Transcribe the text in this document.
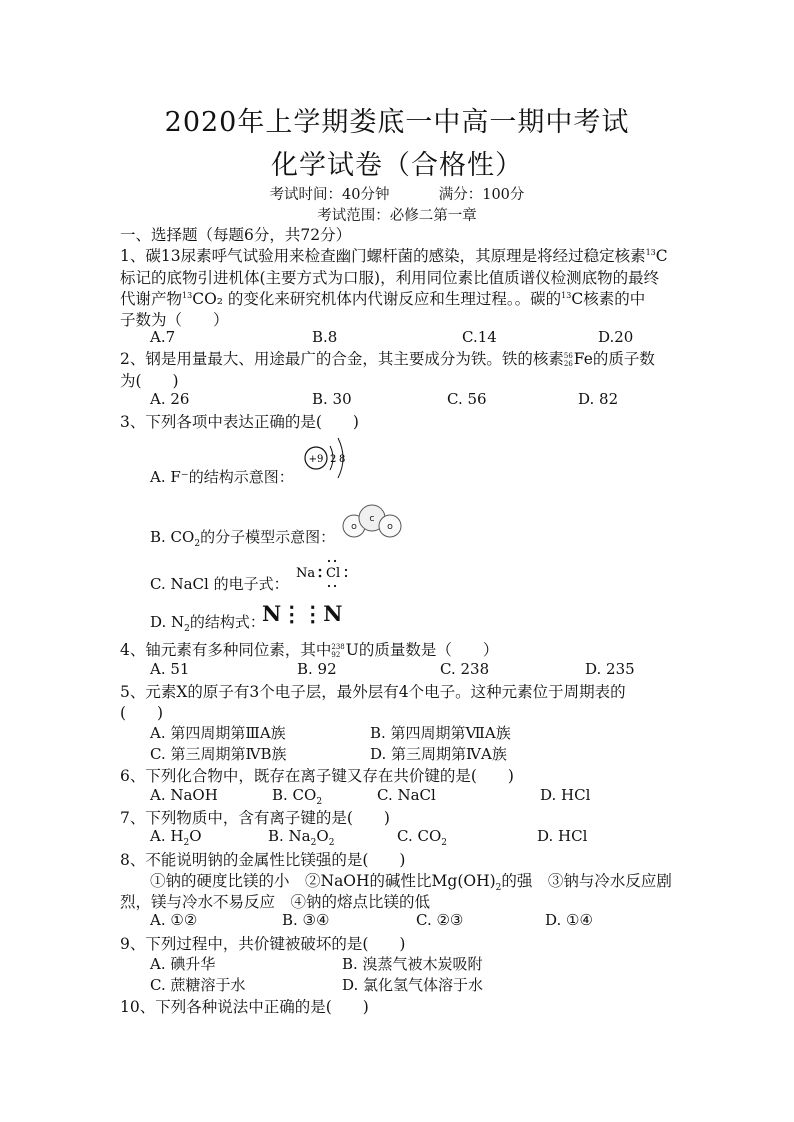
2020年上学期娄底一中高一期中考试
化学试卷（合格性）
考试时间：40分钟	满分：100分
考试范围：必修二第一章
一、选择题（每题6分，共72分）
1、碳13尿素呼气试验用来检查幽门螺杆菌的感染，其原理是将经过稳定核素$^{13}$C
标记的底物引进机体(主要方式为口服)，利用同位素比值质谱仪检测底物的最终
代谢产物$^{13}$CO₂ 的变化来研究机体内代谢反应和生理过程。。碳的$^{13}$C核素的中
子数为（　　）
A.7	B.8	C.14	D.20
2、钢是用量最大、用途最广的合金，其主要成分为铁。铁的核素 56
26 Fe的质子数
为(　　)
A. 26	B. 30	C. 56	D. 82
3、下列各项中表达正确的是(　　)
A. F⁻的结构示意图：
+9 2 8
B. $CO_2$的分子模型示意图：
O
C
O
C. NaCl 的电子式：
Na Cl
D. $N_2$的结构式：
N⋮⋮N
4、铀元素有多种同位素，其中 238
92 U的质量数是（　　）
A. 51	B. 92	C. 238	D. 235
5、元素X的原子有3个电子层，最外层有4个电子。这种元素位于周期表的
(　　)
A. 第四周期第ⅢA族	B. 第四周期第ⅦA族
C. 第三周期第ⅣB族	D. 第三周期第ⅣA族
6、下列化合物中，既存在离子键又存在共价键的是(　　)
A. NaOH	B. $CO_2$	C. NaCl	D. HCl
7、下列物质中，含有离子键的是(　　)
A. $H_2O$	B. $Na_2O_2$	C. $CO_2$	D. HCl
8、不能说明钠的金属性比镁强的是(　　)
①钠的硬度比镁的小　②NaOH的碱性比$Mg(OH)_2$的强　③钠与冷水反应剧
烈，镁与冷水不易反应　④钠的熔点比镁的低
A. ①②	B. ③④	C. ②③	D. ①④
9、下列过程中，共价键被破坏的是(　　)
A. 碘升华	B. 溴蒸气被木炭吸附
C. 蔗糖溶于水	D. 氯化氢气体溶于水
10、下列各种说法中正确的是(　　)
